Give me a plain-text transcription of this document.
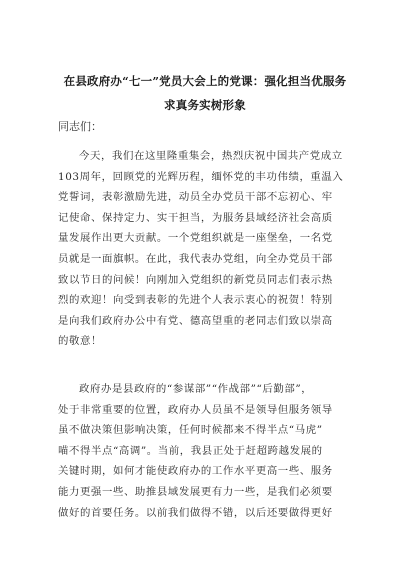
在县政府办“七一”党员大会上的党课：强化担当优服务
求真务实树形象

同志们：

今天，我们在这里隆重集会，热烈庆祝中国共产党成立
103周年，回顾党的光辉历程，缅怀党的丰功伟绩，重温入
党誓词，表彰激励先进，动员全办党员干部不忘初心、牢
记使命、保持定力、实干担当，为服务县域经济社会高质
量发展作出更大贡献。一个党组织就是一座堡垒，一名党
员就是一面旗帜。在此，我代表办党组，向全办党员干部
致以节日的问候！向刚加入党组织的新党员同志们表示热
烈的欢迎！向受到表彰的先进个人表示衷心的祝贺！特别
是向我们政府办公中有党、德高望重的老同志们致以崇高
的敬意！
政府办是县政府的“参谋部”“作战部”“后勤部”，
处于非常重要的位置，政府办人员虽不是领导但服务领导
虽不做决策但影响决策，任何时候都来不得半点“马虎”
喵不得半点“高调”。当前，我县正处于赶超跨越发展的
关键时期，如何才能使政府办的工作水平更高一些、服务
能力更强一些、助推县域发展更有力一些，是我们必须要
做好的首要任务。以前我们做得不错，以后还要做得更好
